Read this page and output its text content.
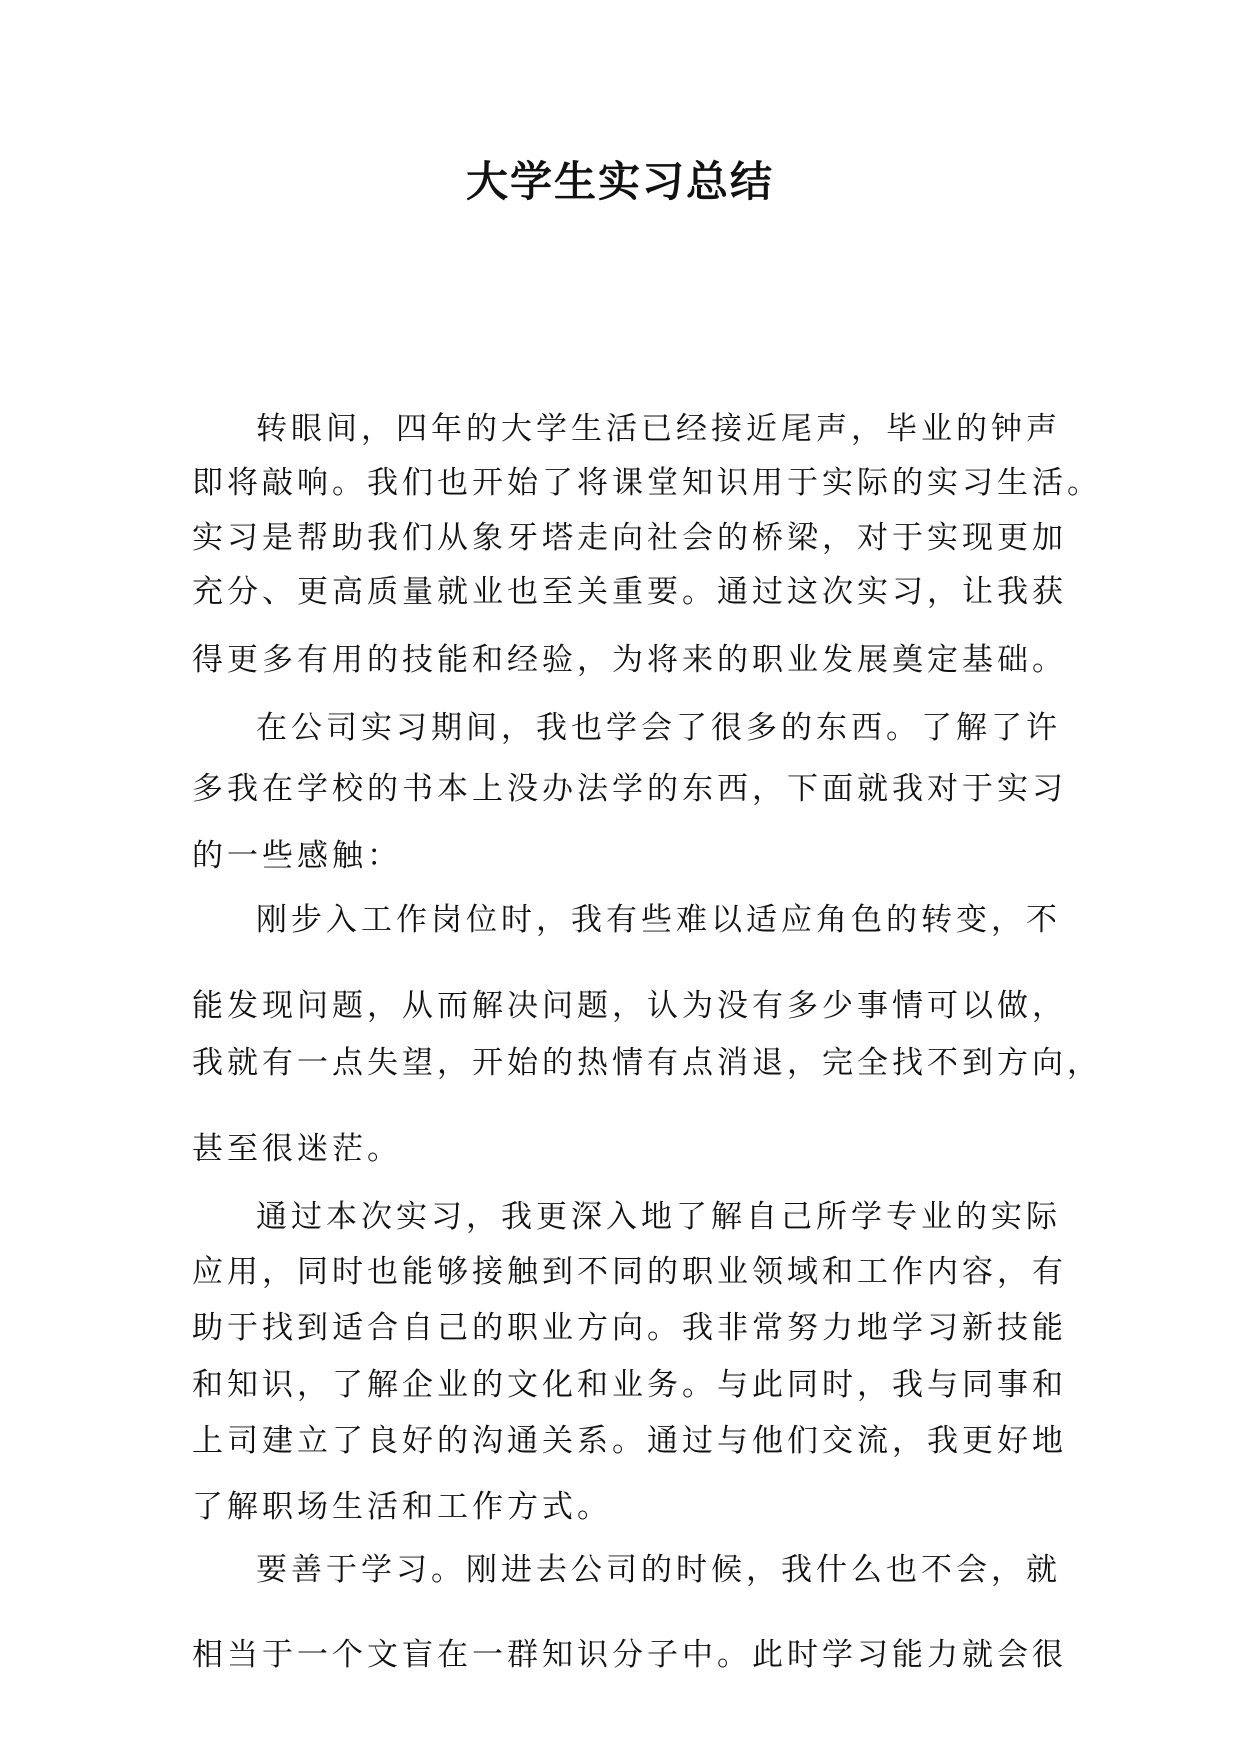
大学生实习总结
转眼间，四年的大学生活已经接近尾声，毕业的钟声
即将敲响。我们也开始了将课堂知识用于实际的实习生活。
实习是帮助我们从象牙塔走向社会的桥梁，对于实现更加
充分、更高质量就业也至关重要。通过这次实习，让我获
得更多有用的技能和经验，为将来的职业发展奠定基础。
在公司实习期间，我也学会了很多的东西。了解了许
多我在学校的书本上没办法学的东西，下面就我对于实习
的一些感触：
刚步入工作岗位时，我有些难以适应角色的转变，不
能发现问题，从而解决问题，认为没有多少事情可以做，
我就有一点失望，开始的热情有点消退，完全找不到方向，
甚至很迷茫。
通过本次实习，我更深入地了解自己所学专业的实际
应用，同时也能够接触到不同的职业领域和工作内容，有
助于找到适合自己的职业方向。我非常努力地学习新技能
和知识，了解企业的文化和业务。与此同时，我与同事和
上司建立了良好的沟通关系。通过与他们交流，我更好地
了解职场生活和工作方式。
要善于学习。刚进去公司的时候，我什么也不会，就
相当于一个文盲在一群知识分子中。此时学习能力就会很
